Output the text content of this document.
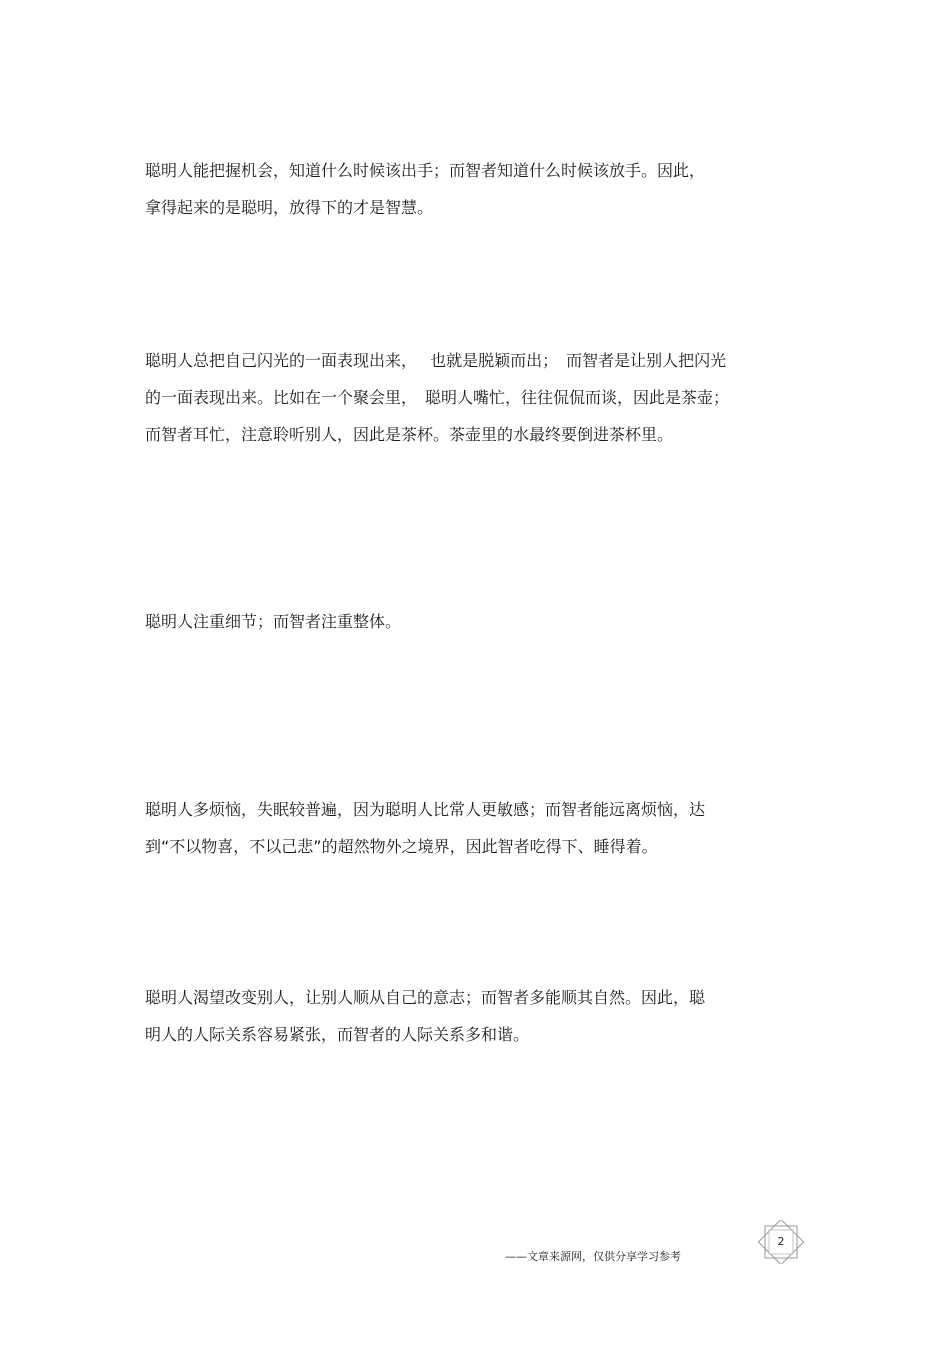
聪明人能把握机会，知道什么时候该出手；而智者知道什么时候该放手。因此，
拿得起来的是聪明，放得下的才是智慧。

聪明人总把自己闪光的一面表现出来，　 也就是脱颖而出；　而智者是让别人把闪光
的一面表现出来。比如在一个聚会里，　聪明人嘴忙，往往侃侃而谈，因此是茶壶；
而智者耳忙，注意聆听别人，因此是茶杯。茶壶里的水最终要倒进茶杯里。

聪明人注重细节；而智者注重整体。

聪明人多烦恼，失眠较普遍，因为聪明人比常人更敏感；而智者能远离烦恼，达
到“不以物喜，不以己悲”的超然物外之境界，因此智者吃得下、睡得着。

聪明人渴望改变别人，让别人顺从自己的意志；而智者多能顺其自然。因此，聪
明人的人际关系容易紧张，而智者的人际关系多和谐。

——文章来源网，仅供分享学习参考
2
